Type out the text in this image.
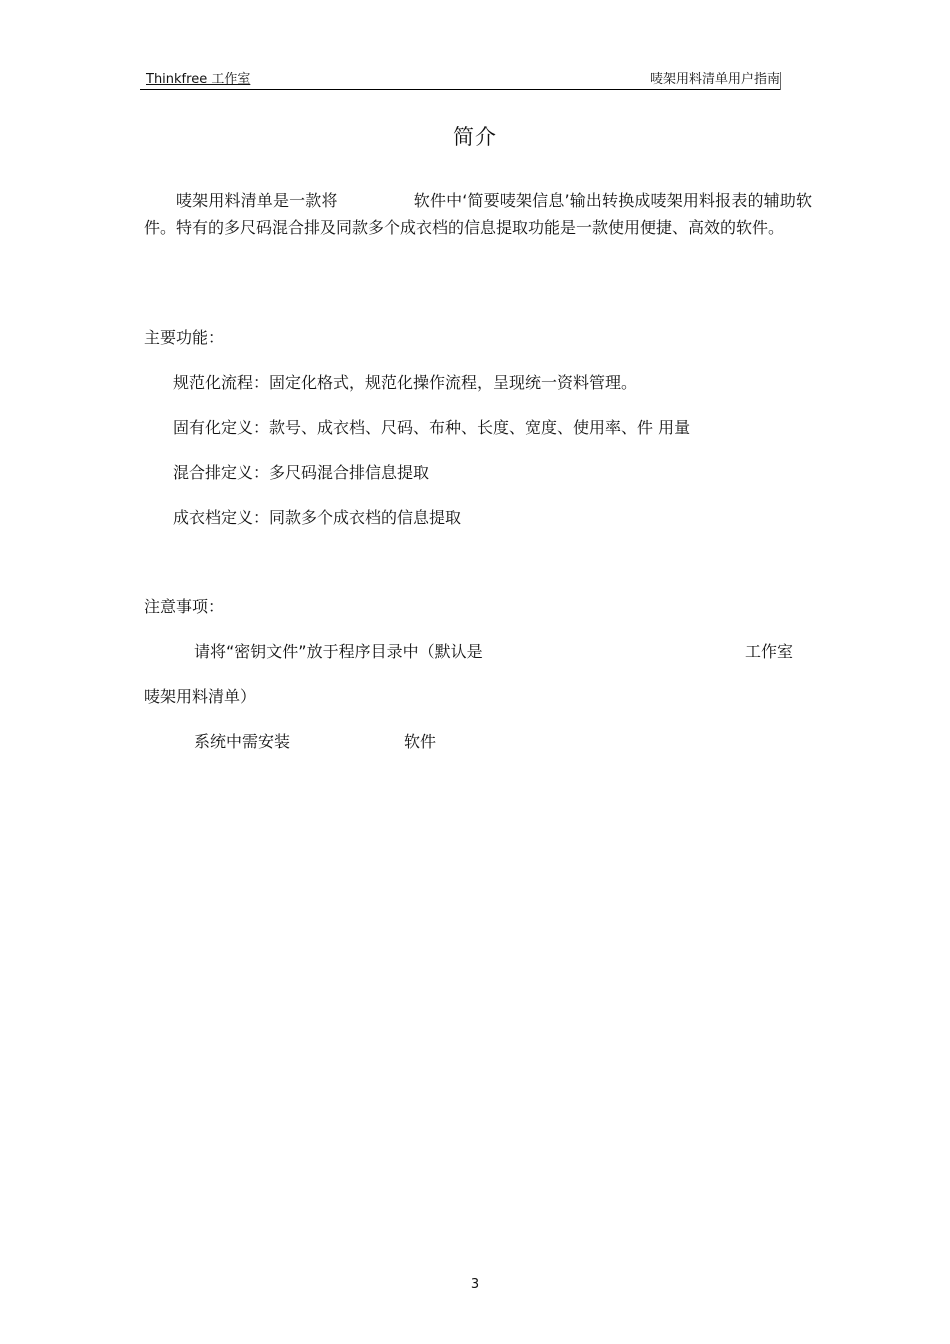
Thinkfree 工作室	唛架用料清单用户指南
简介
唛架用料清单是一款将	软件中‘简要唛架信息’输出转换成唛架用料报表的辅助软件。特有的多尺码混合排及同款多个成衣档的信息提取功能是一款使用便捷、高效的软件。
主要功能：
规范化流程：固定化格式，规范化操作流程，呈现统一资料管理。
固有化定义：款号、成衣档、尺码、布种、长度、宽度、使用率、件 用量
混合排定义：多尺码混合排信息提取
成衣档定义：同款多个成衣档的信息提取
注意事项：
请将“密钥文件”放于程序目录中（默认是	工作室
唛架用料清单）
系统中需安装	软件
3
